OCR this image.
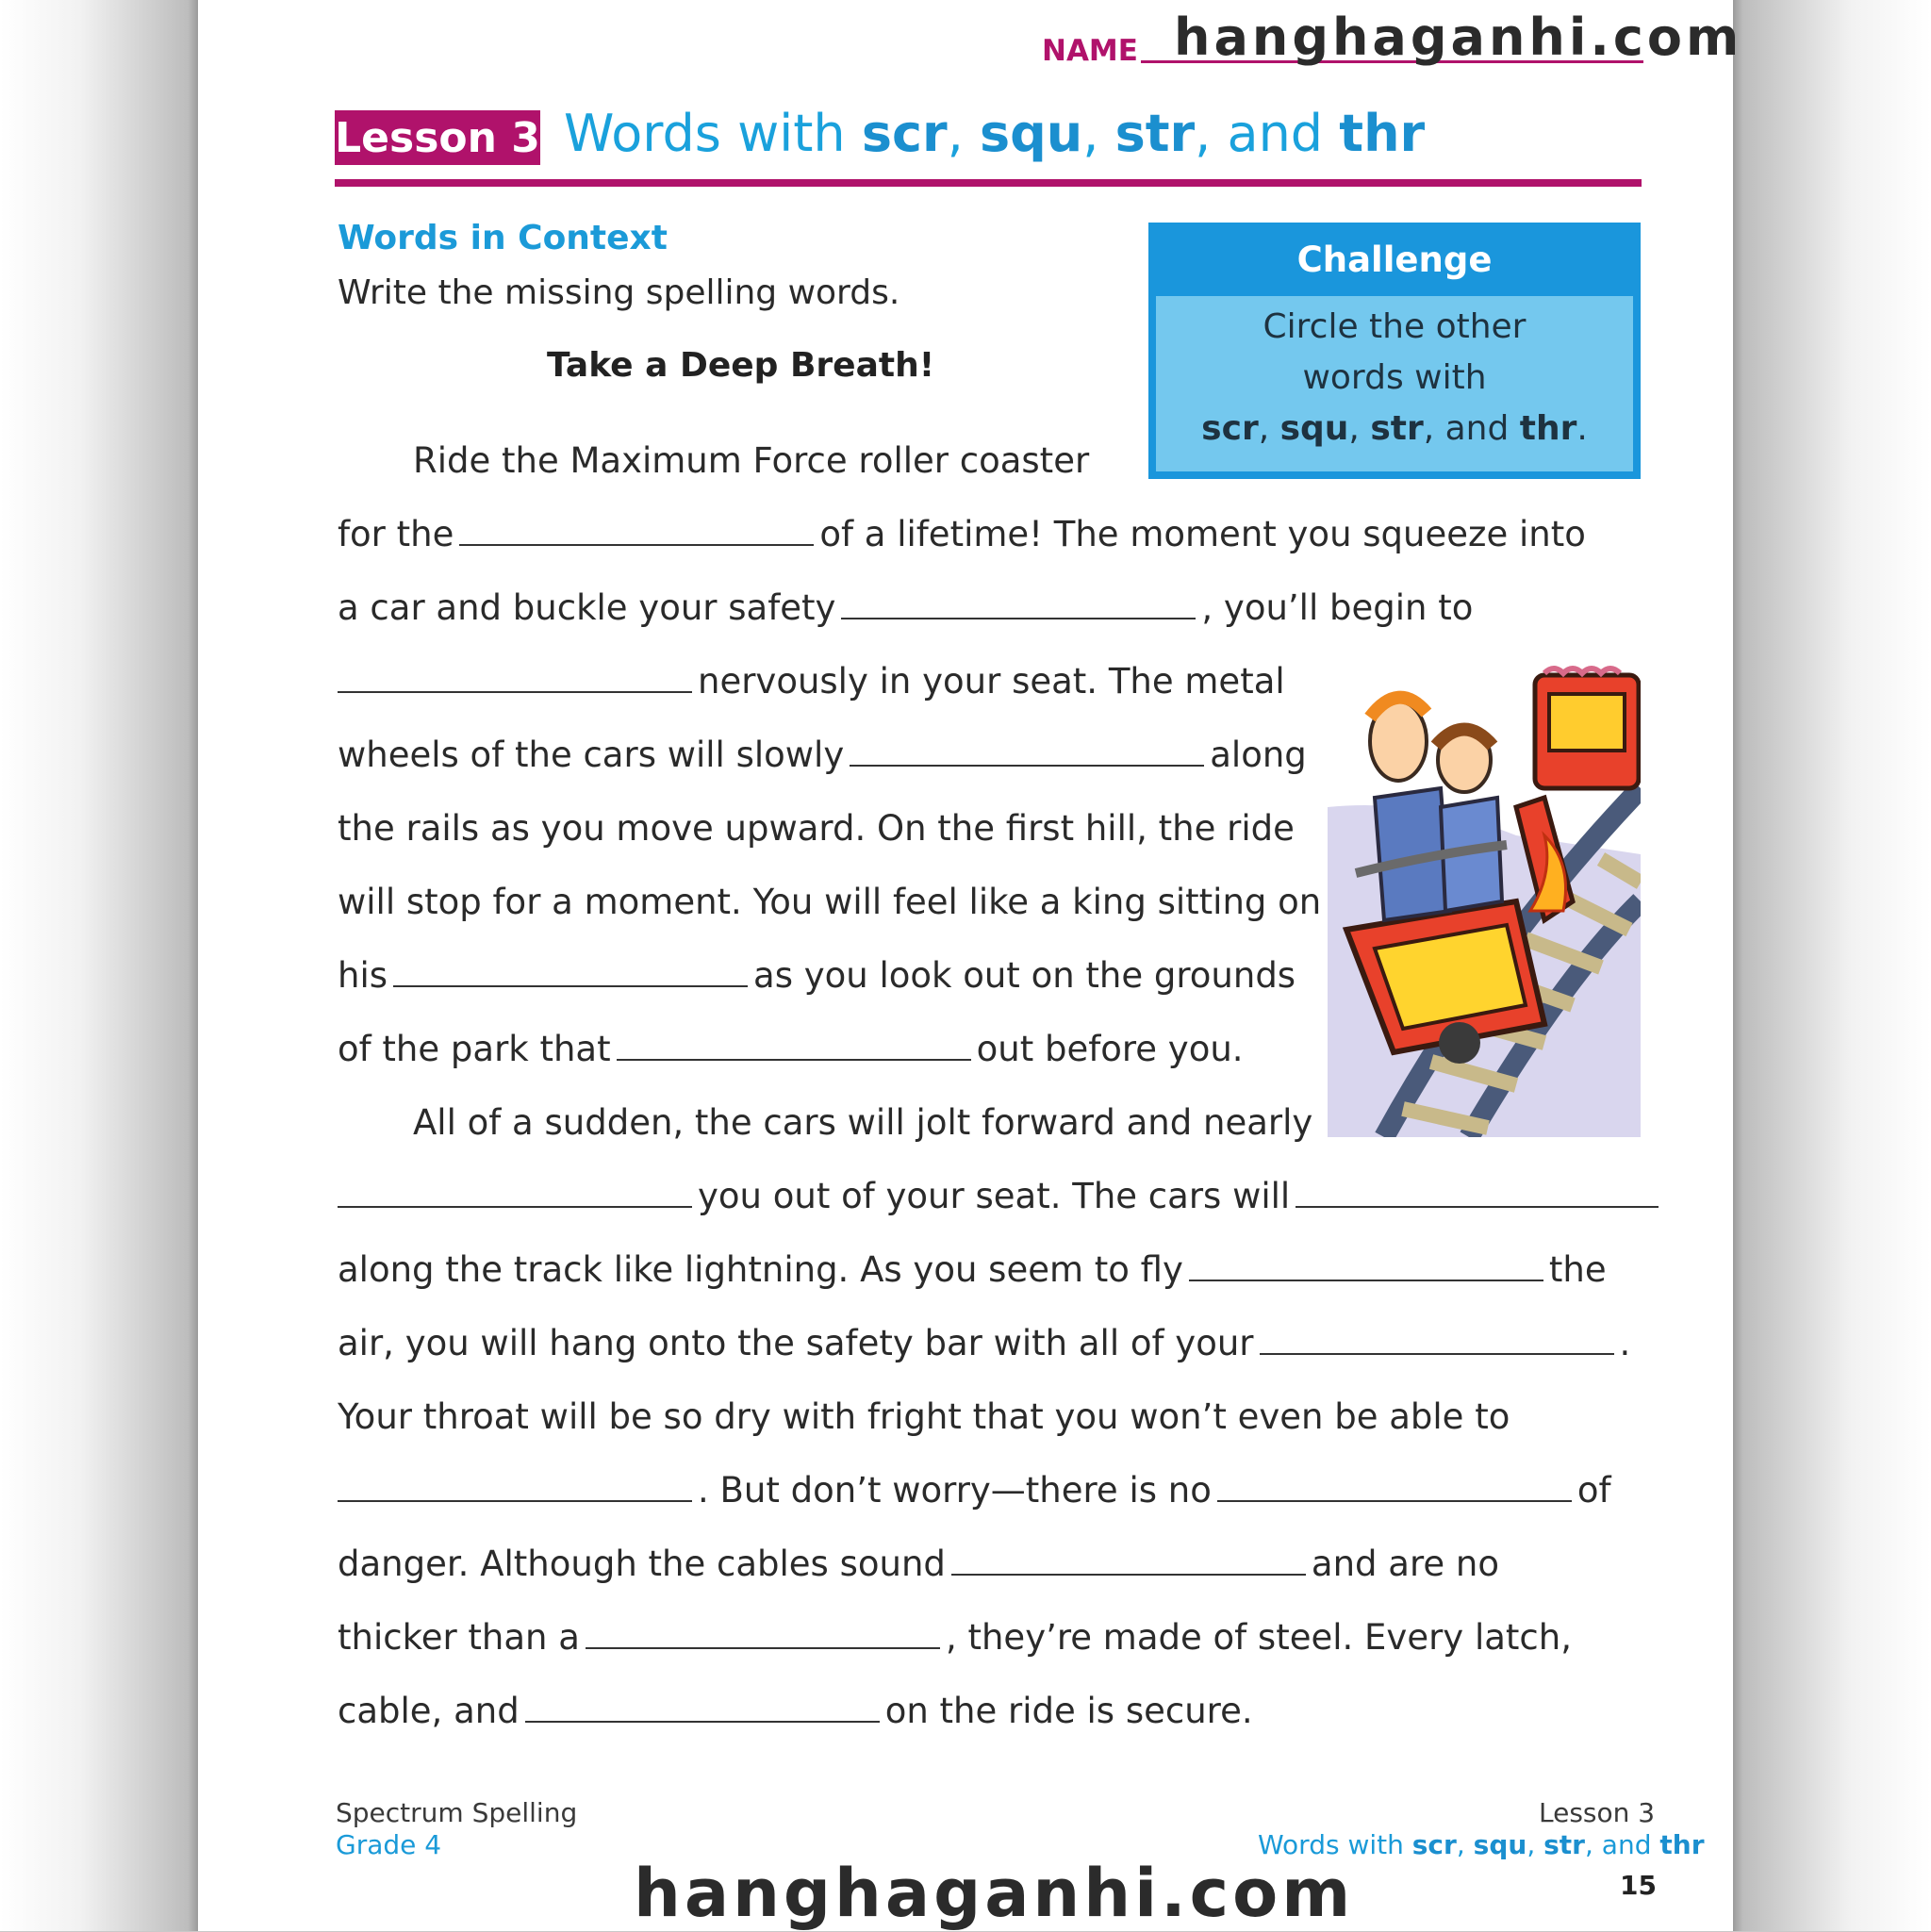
NAME hanghaganhi.com
Lesson 3 Words with scr, squ, str, and thr
Words in Context
Write the missing spelling words.
Take a Deep Breath!
Challenge
Circle the other
words with
scr, squ, str, and thr.
Ride the Maximum Force roller coaster
for the	of a lifetime! The moment you squeeze into
a car and buckle your safety	, you’ll begin to
nervously in your seat. The metal
wheels of the cars will slowly	along
the rails as you move upward. On the first hill, the ride
will stop for a moment. You will feel like a king sitting on
his	as you look out on the grounds
of the park that	out before you.
All of a sudden, the cars will jolt forward and nearly
you out of your seat. The cars will
along the track like lightning. As you seem to fly	the
air, you will hang onto the safety bar with all of your	.
Your throat will be so dry with fright that you won’t even be able to
. But don’t worry—there is no	of
danger. Although the cables sound	and are no
thicker than a	, they’re made of steel. Every latch,
cable, and	on the ride is secure.
Spectrum Spelling
Grade 4
Lesson 3
Words with scr, squ, str, and thr
15
hanghaganhi.com
